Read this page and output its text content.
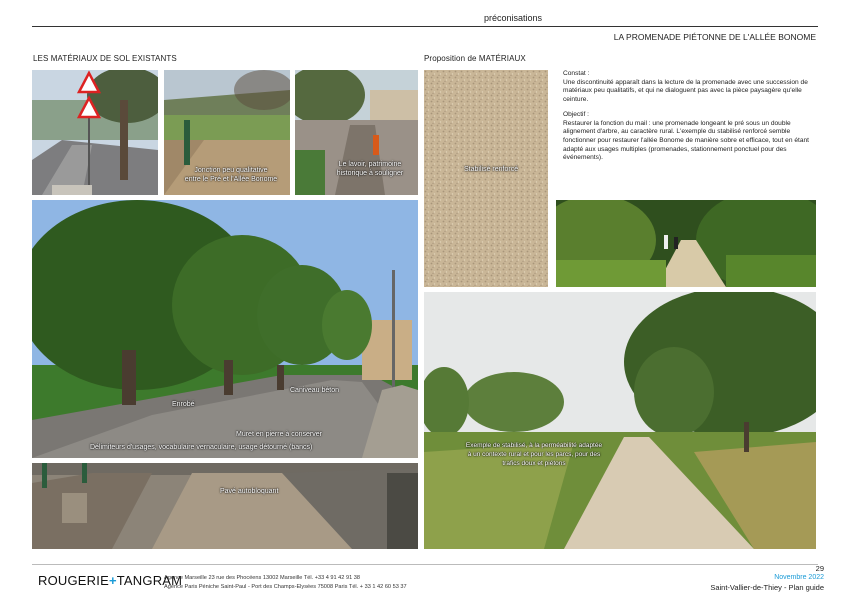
préconisations
LA PROMENADE PIÉTONNE DE L'ALLÉE BONOME
LES MATÉRIAUX DE SOL EXISTANTS	Proposition de MATÉRIAUX
Jonction peu qualitative
entre le Pré et l'Allée Bonome
Le lavoir, patrimoine
historique à souligner
Enrobé
Caniveau béton
Muret en pierre à conserver
Délimiteurs d'usages, vocabulaire vernaculaire, usage détourné (bancs)
Pavé autobloquant
Stabilisé renforcé
Constat :
Une discontinuité apparaît dans la lecture de la promenade avec une succession de matériaux peu qualitatifs, et qui ne dialoguent pas avec la pièce paysagère qu'elle ceinture.
Objectif :
Restaurer la fonction du mail : une promenade longeant le pré sous un double alignement d'arbre, au caractère rural. L'exemple du stabilisé renforcé semble fonctionner pour restaurer l'allée Bonome de manière sobre et efficace, tout en étant adapté aux usages multiples (promenades, stationnement ponctuel pour des événements).
Exemple de stabilisé, à la perméabilité adaptée
à un contexte rural et pour les parcs, pour des
trafics doux et piétons
ROUGERIE+TANGRAM
Agence Marseille 23 rue des Phocéens 13002 Marseille Tél. +33 4 91 42 91 38
Agence Paris Péniche Saint-Paul - Port des Champs-Elysées 75008 Paris Tél. + 33 1 42 60 53 37
29
Novembre 2022
Saint-Vallier-de-Thiey - Plan guide
